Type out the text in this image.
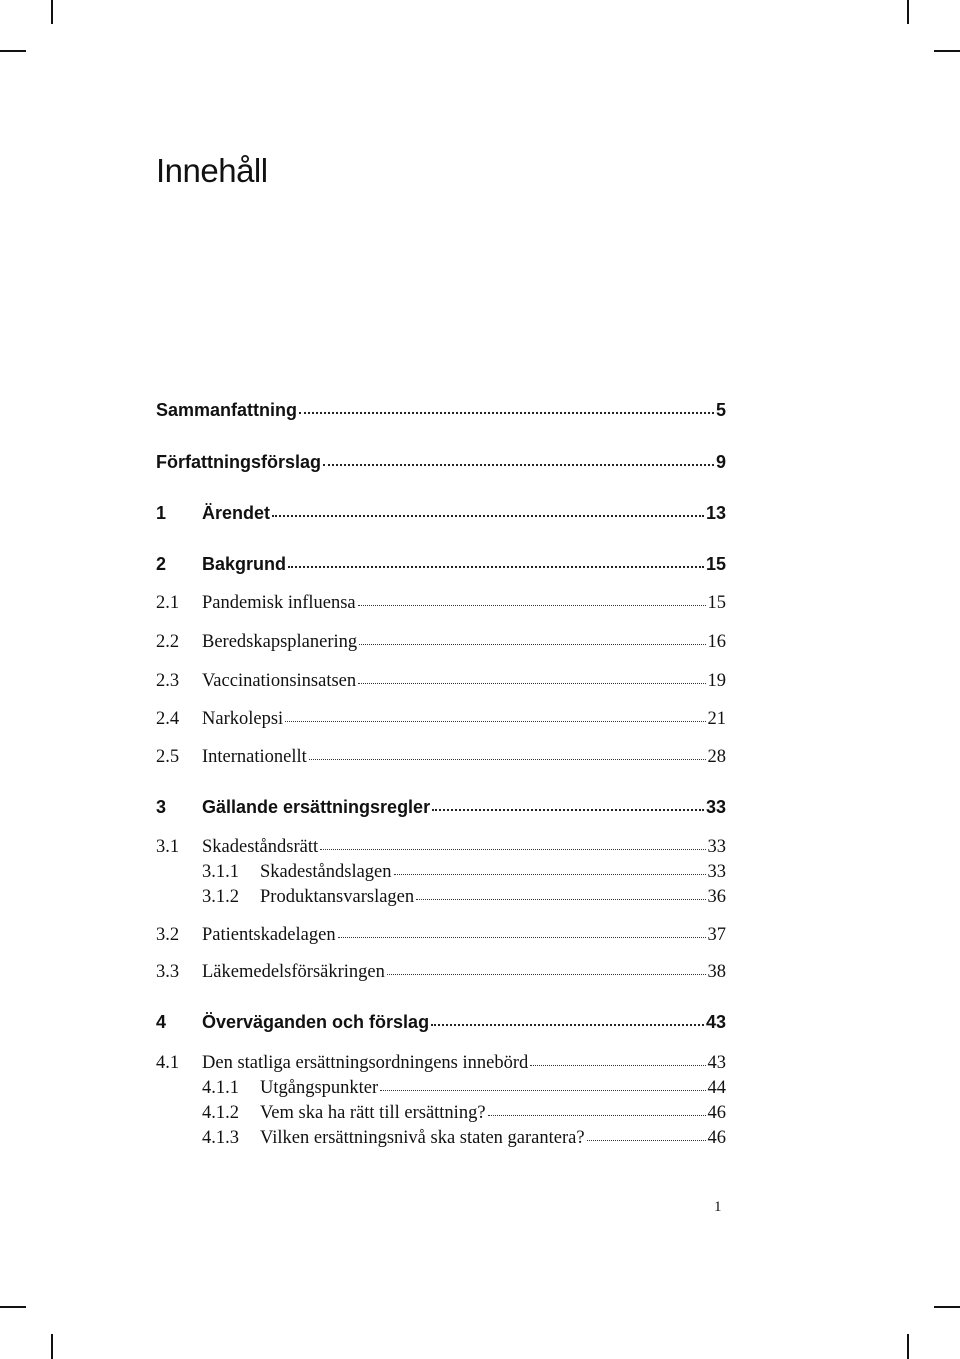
Innehåll
Sammanfattning	5
Författningsförslag	9
1	Ärendet	13
2	Bakgrund	15
2.1	Pandemisk influensa	15
2.2	Beredskapsplanering	16
2.3	Vaccinationsinsatsen	19
2.4	Narkolepsi	21
2.5	Internationellt	28
3	Gällande ersättningsregler	33
3.1	Skadeståndsrätt	33
3.1.1	Skadeståndslagen	33
3.1.2	Produktansvarslagen	36
3.2	Patientskadelagen	37
3.3	Läkemedelsförsäkringen	38
4	Överväganden och förslag	43
4.1	Den statliga ersättningsordningens innebörd	43
4.1.1	Utgångspunkter	44
4.1.2	Vem ska ha rätt till ersättning?	46
4.1.3	Vilken ersättningsnivå ska staten garantera?	46
1
